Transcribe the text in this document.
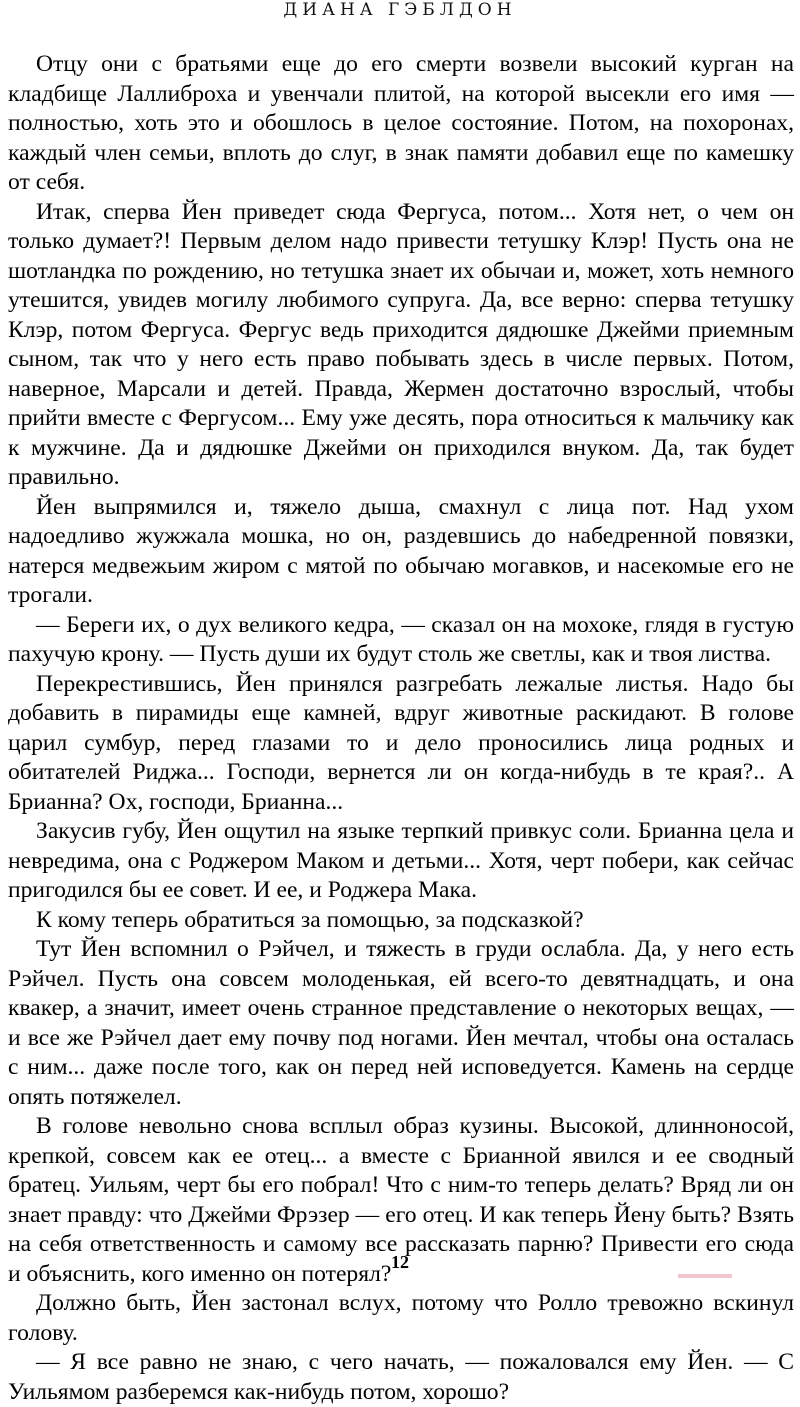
ДИАНА ГЭБЛДОН

Отцу они с братьями еще до его смерти возвели высокий курган на кладбище Лаллиброха и увенчали плитой, на которой высекли его имя — полностью, хоть это и обошлось в целое состояние. Потом, на похоронах, каждый член семьи, вплоть до слуг, в знак памяти добавил еще по камешку от себя.

Итак, сперва Йен приведет сюда Фергуса, потом... Хотя нет, о чем он только думает?! Первым делом надо привести тетушку Клэр! Пусть она не шотландка по рождению, но тетушка знает их обычаи и, может, хоть немного утешится, увидев могилу любимого супруга. Да, все верно: сперва тетушку Клэр, потом Фергуса. Фергус ведь приходится дядюшке Джейми приемным сыном, так что у него есть право побывать здесь в числе первых. Потом, наверное, Марсали и детей. Правда, Жермен достаточно взрослый, чтобы прийти вместе с Фергусом... Ему уже десять, пора относиться к мальчику как к мужчине. Да и дядюшке Джейми он приходился внуком. Да, так будет правильно.

Йен выпрямился и, тяжело дыша, смахнул с лица пот. Над ухом надоедливо жужжала мошка, но он, раздевшись до набедренной повязки, натерся медвежьим жиром с мятой по обычаю могавков, и насекомые его не трогали.

— Береги их, о дух великого кедра, — сказал он на мохоке, глядя в густую пахучую крону. — Пусть души их будут столь же светлы, как и твоя листва.

Перекрестившись, Йен принялся разгребать лежалые листья. Надо бы добавить в пирамиды еще камней, вдруг животные раскидают. В голове царил сумбур, перед глазами то и дело проносились лица родных и обитателей Риджа... Господи, вернется ли он когда-нибудь в те края?.. А Брианна? Ох, господи, Брианна...

Закусив губу, Йен ощутил на языке терпкий привкус соли. Брианна цела и невредима, она с Роджером Маком и детьми... Хотя, черт побери, как сейчас пригодился бы ее совет. И ее, и Роджера Мака.

К кому теперь обратиться за помощью, за подсказкой?

Тут Йен вспомнил о Рэйчел, и тяжесть в груди ослабла. Да, у него есть Рэйчел. Пусть она совсем молоденькая, ей всего-то девятнадцать, и она квакер, а значит, имеет очень странное представление о некоторых вещах, — и все же Рэйчел дает ему почву под ногами. Йен мечтал, чтобы она осталась с ним... даже после того, как он перед ней исповедуется. Камень на сердце опять потяжелел.

В голове невольно снова всплыл образ кузины. Высокой, длинноносой, крепкой, совсем как ее отец... а вместе с Брианной явился и ее сводный братец. Уильям, черт бы его побрал! Что с ним-то теперь делать? Вряд ли он знает правду: что Джейми Фрэзер — его отец. И как теперь Йену быть? Взять на себя ответственность и самому все рассказать парню? Привести его сюда и объяснить, кого именно он потерял?

Должно быть, Йен застонал вслух, потому что Ролло тревожно вскинул голову.

— Я все равно не знаю, с чего начать, — пожаловался ему Йен. — С Уильямом разберемся как-нибудь потом, хорошо?

12
